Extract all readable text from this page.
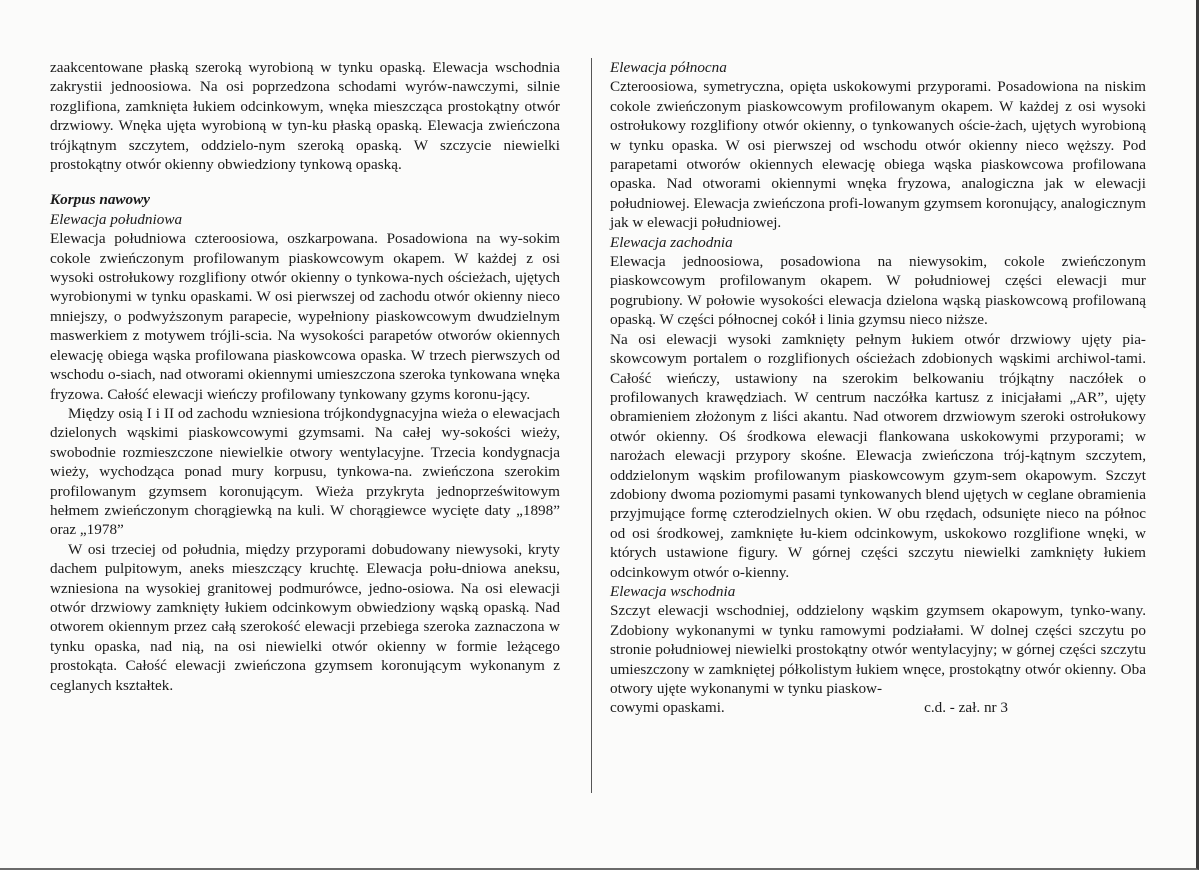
zaakcentowane płaską szeroką wyrobioną w tynku opaską. Elewacja wschodnia zakrystii jednoosiowa. Na osi poprzedzona schodami wyrów-nawczymi, silnie rozglifiona, zamknięta łukiem odcinkowym, wnęka mieszcząca prostokątny otwór drzwiowy. Wnęka ujęta wyrobioną w tyn-ku płaską opaską. Elewacja zwieńczona trójkątnym szczytem, oddzielo-nym szeroką opaską. W szczycie niewielki prostokątny otwór okienny obwiedziony tynkową opaską.

Korpus nawowy

Elewacja południowa

Elewacja południowa czteroosiowa, oszkarpowana. Posadowiona na wy-sokim cokole zwieńczonym profilowanym piaskowcowym okapem. W każdej z osi wysoki ostrołukowy rozglifiony otwór okienny o tynkowa-nych ościeżach, ujętych wyrobionymi w tynku opaskami. W osi pierwszej od zachodu otwór okienny nieco mniejszy, o podwyższonym parapecie, wypełniony piaskowcowym dwudzielnym maswerkiem z motywem trójli-scia. Na wysokości parapetów otworów okiennych elewację obiega wąska profilowana piaskowcowa opaska. W trzech pierwszych od wschodu o-siach, nad otworami okiennymi umieszczona szeroka tynkowana wnęka fryzowa. Całość elewacji wieńczy profilowany tynkowany gzyms koronu-jący.

Między osią I i II od zachodu wzniesiona trójkondygnacyjna wieża o elewacjach dzielonych wąskimi piaskowcowymi gzymsami. Na całej wy-sokości wieży, swobodnie rozmieszczone niewielkie otwory wentylacyjne. Trzecia kondygnacja wieży, wychodząca ponad mury korpusu, tynkowa-na. zwieńczona szerokim profilowanym gzymsem koronującym. Wieża przykryta jednoprześwitowym hełmem zwieńczonym chorągiewką na kuli. W chorągiewce wycięte daty „1898” oraz „1978”

W osi trzeciej od południa, między przyporami dobudowany niewysoki, kryty dachem pulpitowym, aneks mieszczący kruchtę. Elewacja połu-dniowa aneksu, wzniesiona na wysokiej granitowej podmurówce, jedno-osiowa. Na osi elewacji otwór drzwiowy zamknięty łukiem odcinkowym obwiedziony wąską opaską. Nad otworem okiennym przez całą szerokość elewacji przebiega szeroka zaznaczona w tynku opaska, nad nią, na osi niewielki otwór okienny w formie leżącego prostokąta. Całość elewacji zwieńczona gzymsem koronującym wykonanym z ceglanych kształtek.

Elewacja północna

Czteroosiowa, symetryczna, opięta uskokowymi przyporami. Posadowiona na niskim cokole zwieńczonym piaskowcowym profilowanym okapem. W każdej z osi wysoki ostrołukowy rozglifiony otwór okienny, o tynkowanych oście-żach, ujętych wyrobioną w tynku opaska. W osi pierwszej od wschodu otwór okienny nieco węższy. Pod parapetami otworów okiennych elewację obiega wąska piaskowcowa profilowana opaska. Nad otworami okiennymi wnęka fryzowa, analogiczna jak w elewacji południowej. Elewacja zwieńczona profi-lowanym gzymsem koronujący, analogicznym jak w elewacji południowej.

Elewacja zachodnia

Elewacja jednoosiowa, posadowiona na niewysokim, cokole zwieńczonym piaskowcowym profilowanym okapem. W południowej części elewacji mur pogrubiony. W połowie wysokości elewacja dzielona wąską piaskowcową profilowaną opaską. W części północnej cokół i linia gzymsu nieco niższe.

Na osi elewacji wysoki zamknięty pełnym łukiem otwór drzwiowy ujęty pia-skowcowym portalem o rozglifionych ościeżach zdobionych wąskimi archiwol-tami. Całość wieńczy, ustawiony na szerokim belkowaniu trójkątny naczółek o profilowanych krawędziach. W centrum naczółka kartusz z inicjałami „AR”, ujęty obramieniem złożonym z liści akantu. Nad otworem drzwiowym szeroki ostrołukowy otwór okienny. Oś środkowa elewacji flankowana uskokowymi przyporami; w narożach elewacji przypory skośne. Elewacja zwieńczona trój-kątnym szczytem, oddzielonym wąskim profilowanym piaskowcowym gzym-sem okapowym. Szczyt zdobiony dwoma poziomymi pasami tynkowanych blend ujętych w ceglane obramienia przyjmujące formę czterodzielnych okien. W obu rzędach, odsunięte nieco na północ od osi środkowej, zamknięte łu-kiem odcinkowym, uskokowo rozglifione wnęki, w których ustawione figury. W górnej części szczytu niewielki zamknięty łukiem odcinkowym otwór o-kienny.

Elewacja wschodnia

Szczyt elewacji wschodniej, oddzielony wąskim gzymsem okapowym, tynko-wany. Zdobiony wykonanymi w tynku ramowymi podziałami. W dolnej części szczytu po stronie południowej niewielki prostokątny otwór wentylacyjny; w górnej części szczytu umieszczony w zamkniętej półkolistym łukiem wnęce, prostokątny otwór okienny. Oba otwory ujęte wykonanymi w tynku piaskow-

cowymi opaskami.	c.d. - zał. nr 3
